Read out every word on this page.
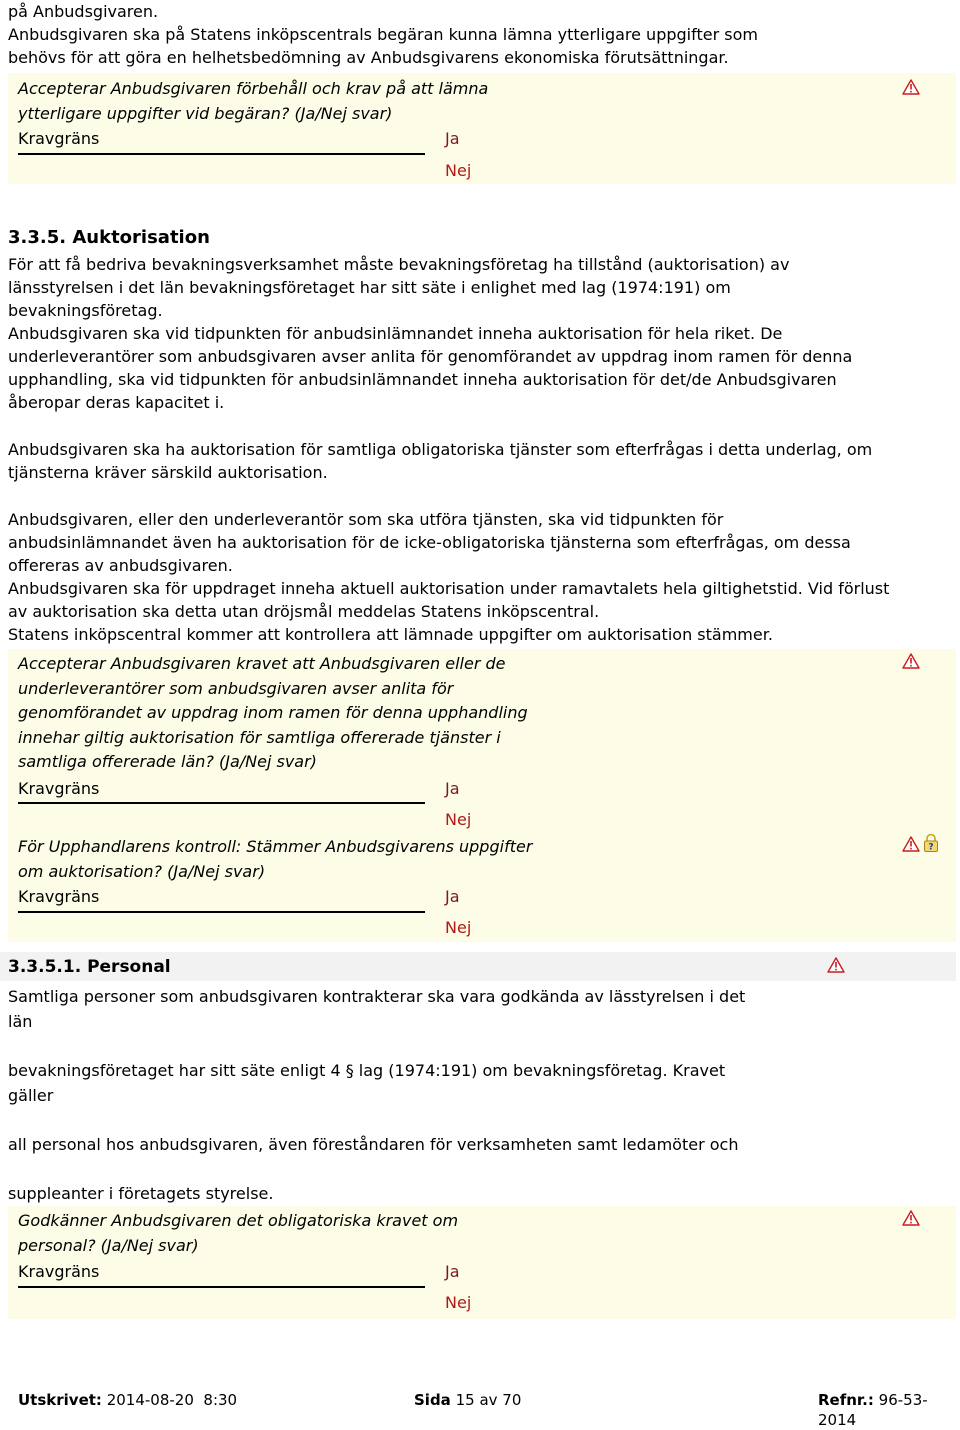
på Anbudsgivaren.

Anbudsgivaren ska på Statens inköpscentrals begäran kunna lämna ytterligare uppgifter som
behövs för att göra en helhetsbedömning av Anbudsgivarens ekonomiska förutsättningar.

Accepterar Anbudsgivaren förbehåll och krav på att lämna
ytterligare uppgifter vid begäran? (Ja/Nej svar)

Kravgräns	Ja
Nej

3.3.5. Auktorisation

För att få bedriva bevakningsverksamhet måste bevakningsföretag ha tillstånd (auktorisation) av
länsstyrelsen i det län bevakningsföretaget har sitt säte i enlighet med lag (1974:191) om
bevakningsföretag.

Anbudsgivaren ska vid tidpunkten för anbudsinlämnandet inneha auktorisation för hela riket. De
underleverantörer som anbudsgivaren avser anlita för genomförandet av uppdrag inom ramen för denna
upphandling, ska vid tidpunkten för anbudsinlämnandet inneha auktorisation för det/de Anbudsgivaren
åberopar deras kapacitet i.

Anbudsgivaren ska ha auktorisation för samtliga obligatoriska tjänster som efterfrågas i detta underlag, om
tjänsterna kräver särskild auktorisation.

Anbudsgivaren, eller den underleverantör som ska utföra tjänsten, ska vid tidpunkten för
anbudsinlämnandet även ha auktorisation för de icke-obligatoriska tjänsterna som efterfrågas, om dessa
offereras av anbudsgivaren.

Anbudsgivaren ska för uppdraget inneha aktuell auktorisation under ramavtalets hela giltighetstid. Vid förlust
av auktorisation ska detta utan dröjsmål meddelas Statens inköpscentral.

Statens inköpscentral kommer att kontrollera att lämnade uppgifter om auktorisation stämmer.

Accepterar Anbudsgivaren kravet att Anbudsgivaren eller de
underleverantörer som anbudsgivaren avser anlita för
genomförandet av uppdrag inom ramen för denna upphandling
innehar giltig auktorisation för samtliga offererade tjänster i
samtliga offererade län? (Ja/Nej svar)

Kravgräns	Ja
Nej

För Upphandlarens kontroll: Stämmer Anbudsgivarens uppgifter
om auktorisation? (Ja/Nej svar)

Kravgräns	Ja
Nej
?

3.3.5.1. Personal

Samtliga personer som anbudsgivaren kontrakterar ska vara godkända av lässtyrelsen i det
län

bevakningsföretaget har sitt säte enligt 4 § lag (1974:191) om bevakningsföretag. Kravet
gäller

all personal hos anbudsgivaren, även föreståndaren för verksamheten samt ledamöter och

suppleanter i företagets styrelse.

Godkänner Anbudsgivaren det obligatoriska kravet om
personal? (Ja/Nej svar)

Kravgräns	Ja
Nej
Utskrivet: 2014-08-20  8:30	Sida 15 av 70	Refnr.: 96-53-2014
